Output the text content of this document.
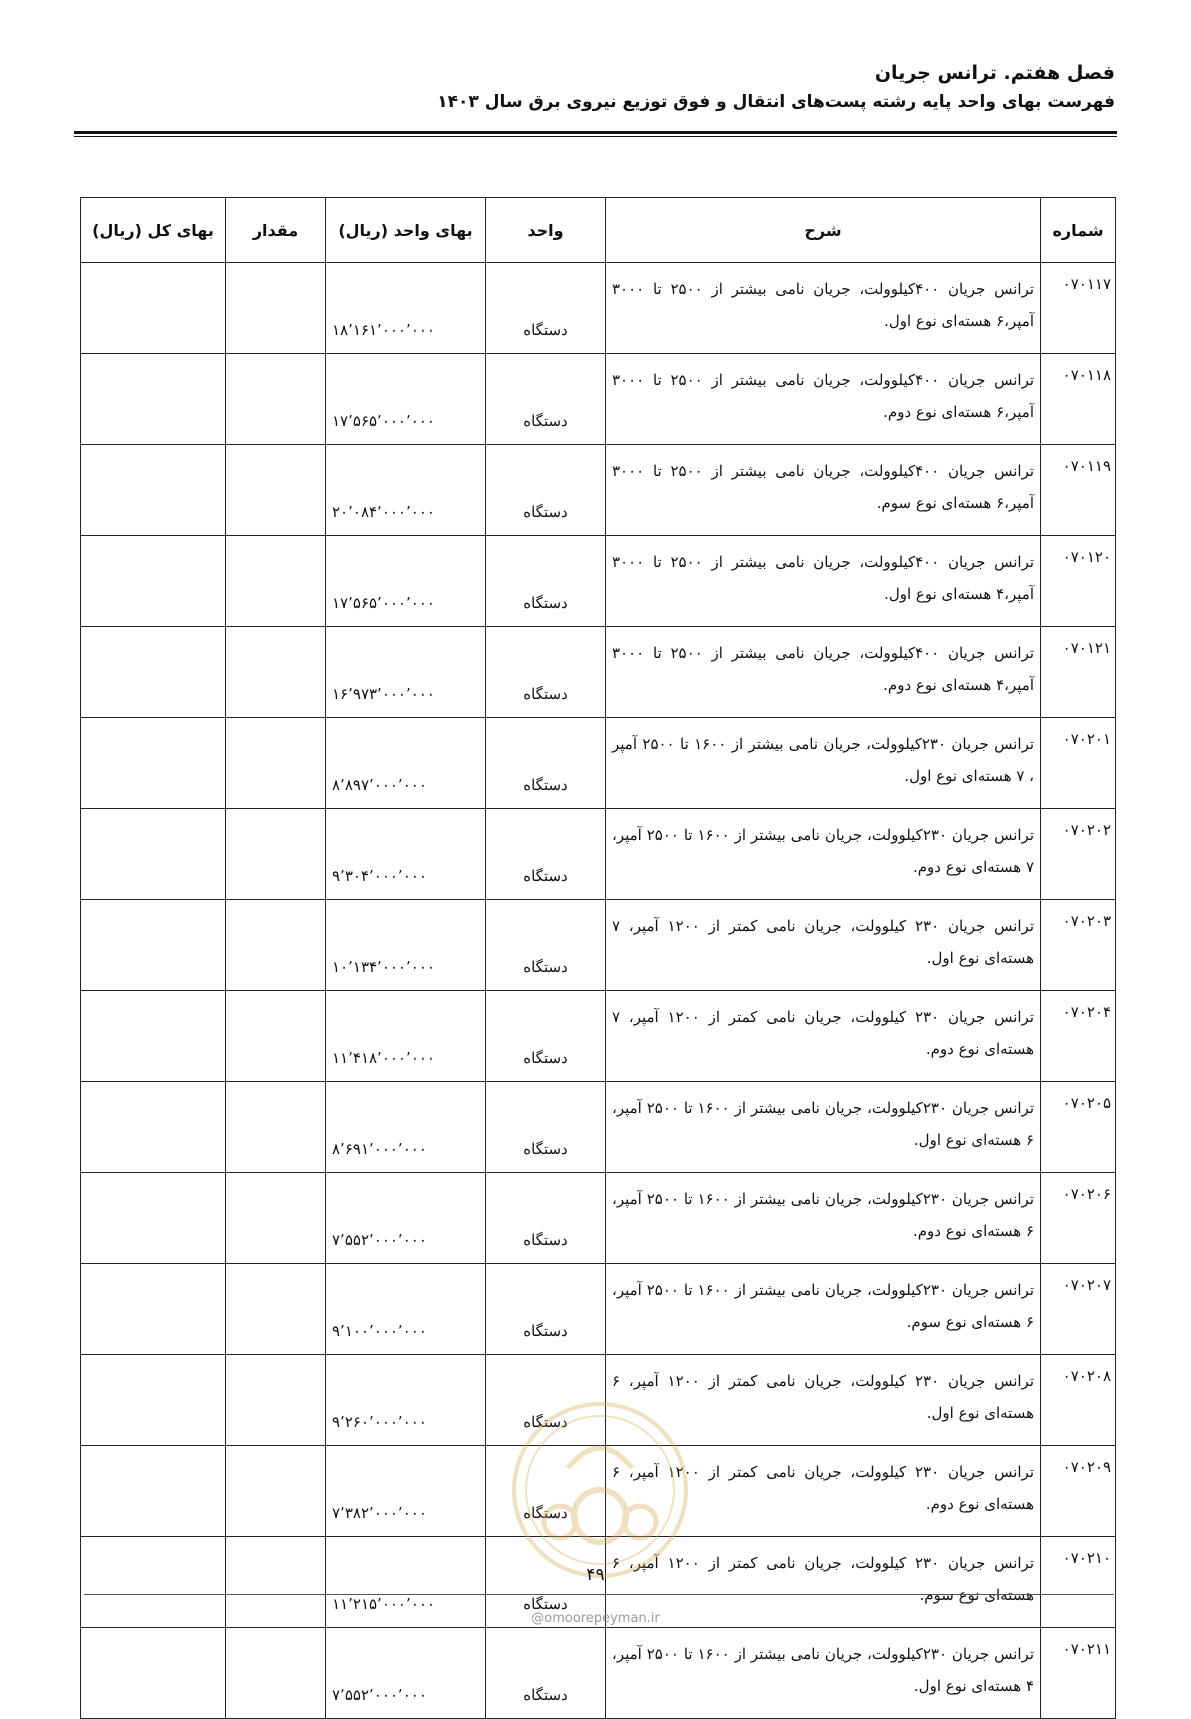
فصل هفتم. ترانس جریان
فهرست بهای واحد پایه رشته پست‌های انتقال و فوق توزیع نیروی برق سال ۱۴۰۳
شماره	شرح	واحد	بهای واحد (ریال)	مقدار	بهای کل (ریال)
۰۷۰۱۱۷	ترانس جریان ۴۰۰کیلوولت، جریان نامی بیشتر از ۲۵۰۰ تا ۳۰۰۰ آمپر،۶ هسته‌ای نوع اول.	دستگاه	۱۸٬۱۶۱٬۰۰۰٬۰۰۰		
۰۷۰۱۱۸	ترانس جریان ۴۰۰کیلوولت، جریان نامی بیشتر از ۲۵۰۰ تا ۳۰۰۰ آمپر،۶ هسته‌ای نوع دوم.	دستگاه	۱۷٬۵۶۵٬۰۰۰٬۰۰۰		
۰۷۰۱۱۹	ترانس جریان ۴۰۰کیلوولت، جریان نامی بیشتر از ۲۵۰۰ تا ۳۰۰۰ آمپر،۶ هسته‌ای نوع سوم.	دستگاه	۲۰٬۰۸۴٬۰۰۰٬۰۰۰		
۰۷۰۱۲۰	ترانس جریان ۴۰۰کیلوولت، جریان نامی بیشتر از ۲۵۰۰ تا ۳۰۰۰ آمپر،۴ هسته‌ای نوع اول.	دستگاه	۱۷٬۵۶۵٬۰۰۰٬۰۰۰		
۰۷۰۱۲۱	ترانس جریان ۴۰۰کیلوولت، جریان نامی بیشتر از ۲۵۰۰ تا ۳۰۰۰ آمپر،۴ هسته‌ای نوع دوم.	دستگاه	۱۶٬۹۷۳٬۰۰۰٬۰۰۰		
۰۷۰۲۰۱	ترانس جریان ۲۳۰کیلوولت، جریان نامی بیشتر از ۱۶۰۰ تا ۲۵۰۰ آمپر ، ۷ هسته‌ای نوع اول.	دستگاه	۸٬۸۹۷٬۰۰۰٬۰۰۰		
۰۷۰۲۰۲	ترانس جریان ۲۳۰کیلوولت، جریان نامی بیشتر از ۱۶۰۰ تا ۲۵۰۰ آمپر، ۷ هسته‌ای نوع دوم.	دستگاه	۹٬۳۰۴٬۰۰۰٬۰۰۰		
۰۷۰۲۰۳	ترانس جریان ۲۳۰ کیلوولت، جریان نامی کمتر از ۱۲۰۰ آمپر، ۷ هسته‌ای نوع اول.	دستگاه	۱۰٬۱۳۴٬۰۰۰٬۰۰۰		
۰۷۰۲۰۴	ترانس جریان ۲۳۰ کیلوولت، جریان نامی کمتر از ۱۲۰۰ آمپر، ۷ هسته‌ای نوع دوم.	دستگاه	۱۱٬۴۱۸٬۰۰۰٬۰۰۰		
۰۷۰۲۰۵	ترانس جریان ۲۳۰کیلوولت، جریان نامی بیشتر از ۱۶۰۰ تا ۲۵۰۰ آمپر، ۶ هسته‌ای نوع اول.	دستگاه	۸٬۶۹۱٬۰۰۰٬۰۰۰		
۰۷۰۲۰۶	ترانس جریان ۲۳۰کیلوولت، جریان نامی بیشتر از ۱۶۰۰ تا ۲۵۰۰ آمپر، ۶ هسته‌ای نوع دوم.	دستگاه	۷٬۵۵۲٬۰۰۰٬۰۰۰		
۰۷۰۲۰۷	ترانس جریان ۲۳۰کیلوولت، جریان نامی بیشتر از ۱۶۰۰ تا ۲۵۰۰ آمپر، ۶ هسته‌ای نوع سوم.	دستگاه	۹٬۱۰۰٬۰۰۰٬۰۰۰		
۰۷۰۲۰۸	ترانس جریان ۲۳۰ کیلوولت، جریان نامی کمتر از ۱۲۰۰ آمپر، ۶ هسته‌ای نوع اول.	دستگاه	۹٬۲۶۰٬۰۰۰٬۰۰۰		
۰۷۰۲۰۹	ترانس جریان ۲۳۰ کیلوولت، جریان نامی کمتر از ۱۲۰۰ آمپر، ۶ هسته‌ای نوع دوم.	دستگاه	۷٬۳۸۲٬۰۰۰٬۰۰۰		
۰۷۰۲۱۰	ترانس جریان ۲۳۰ کیلوولت، جریان نامی کمتر از ۱۲۰۰ آمپر، ۶ هسته‌ای نوع سوم.	دستگاه	۱۱٬۲۱۵٬۰۰۰٬۰۰۰		
۰۷۰۲۱۱	ترانس جریان ۲۳۰کیلوولت، جریان نامی بیشتر از ۱۶۰۰ تا ۲۵۰۰ آمپر، ۴ هسته‌ای نوع اول.	دستگاه	۷٬۵۵۲٬۰۰۰٬۰۰۰		
۴۹
@omoorepeyman.ir
